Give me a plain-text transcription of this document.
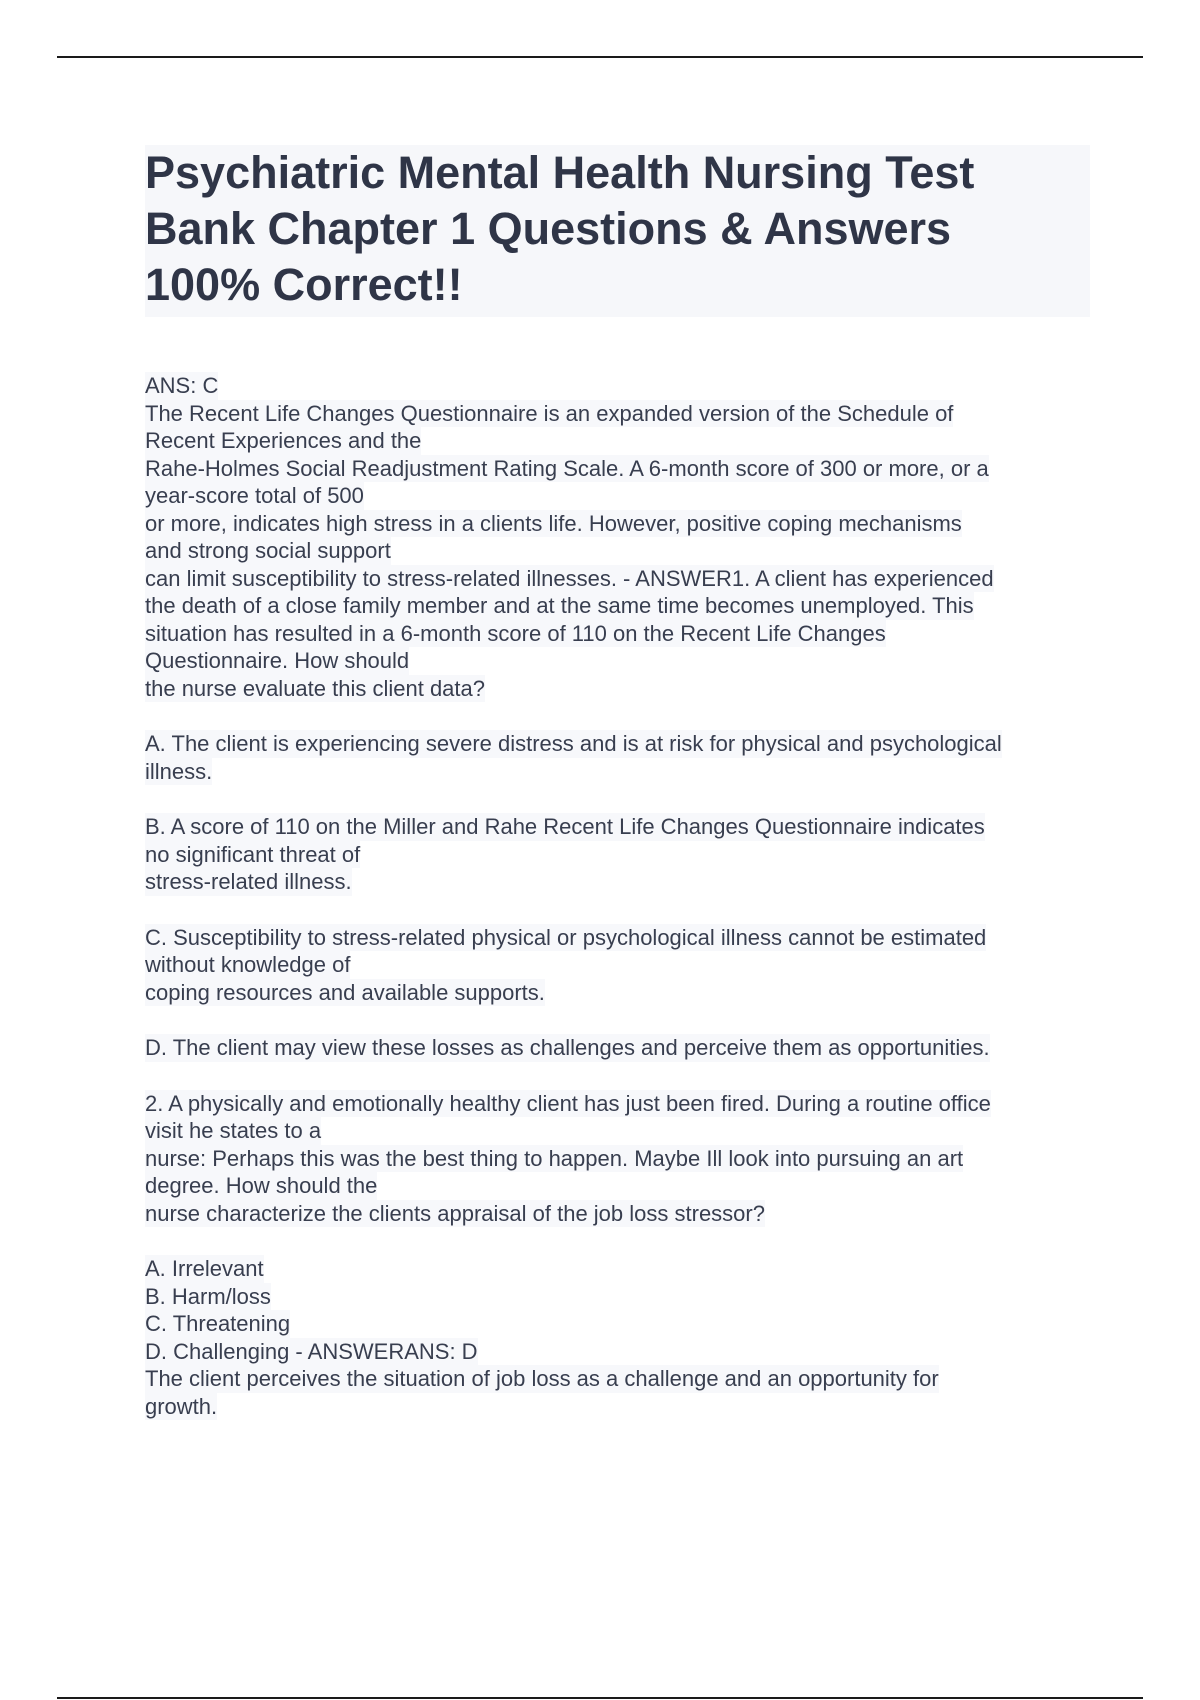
Psychiatric Mental Health Nursing Test
Bank Chapter 1 Questions & Answers
100% Correct!!
ANS: C
The Recent Life Changes Questionnaire is an expanded version of the Schedule of
Recent Experiences and the
Rahe-Holmes Social Readjustment Rating Scale. A 6-month score of 300 or more, or a
year-score total of 500
or more, indicates high stress in a clients life. However, positive coping mechanisms
and strong social support
can limit susceptibility to stress-related illnesses. - ANSWER1. A client has experienced
the death of a close family member and at the same time becomes unemployed. This
situation has resulted in a 6-month score of 110 on the Recent Life Changes
Questionnaire. How should
the nurse evaluate this client data?
A. The client is experiencing severe distress and is at risk for physical and psychological
illness.
B. A score of 110 on the Miller and Rahe Recent Life Changes Questionnaire indicates
no significant threat of
stress-related illness.
C. Susceptibility to stress-related physical or psychological illness cannot be estimated
without knowledge of
coping resources and available supports.
D. The client may view these losses as challenges and perceive them as opportunities.
2. A physically and emotionally healthy client has just been fired. During a routine office
visit he states to a
nurse: Perhaps this was the best thing to happen. Maybe Ill look into pursuing an art
degree. How should the
nurse characterize the clients appraisal of the job loss stressor?
A. Irrelevant
B. Harm/loss
C. Threatening
D. Challenging - ANSWERANS: D
The client perceives the situation of job loss as a challenge and an opportunity for
growth.
